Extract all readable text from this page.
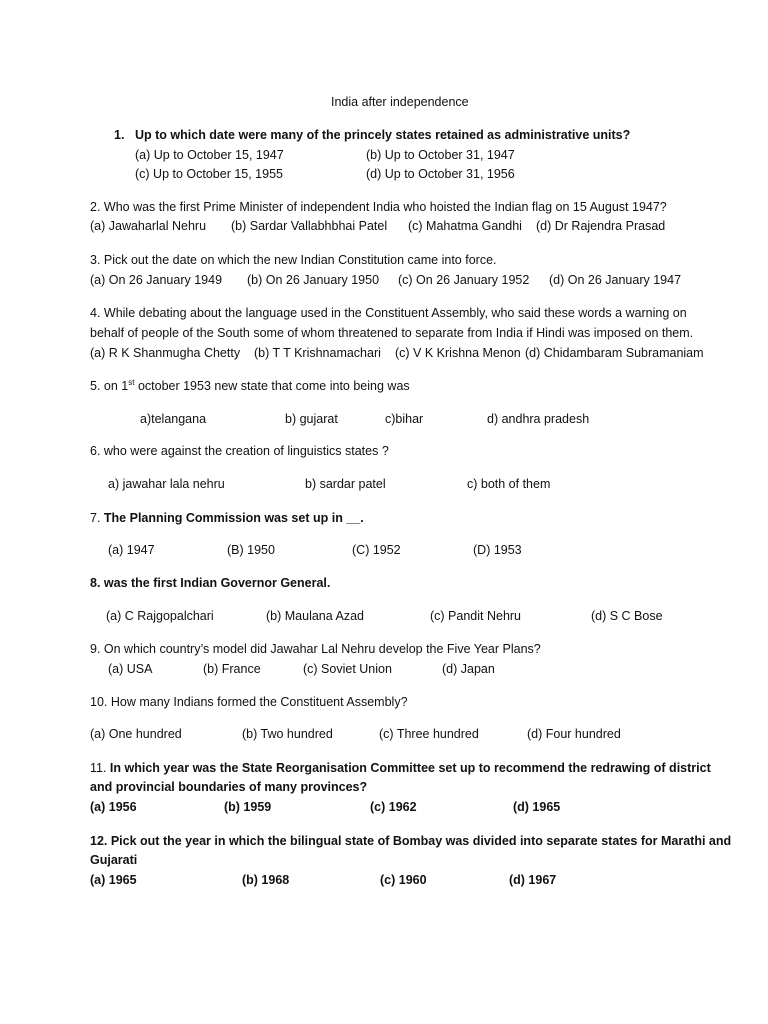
India after independence
1. Up to which date were many of the princely states retained as administrative units?
(a) Up to October 15, 1947	(b) Up to October 31, 1947
(c) Up to October 15, 1955	(d) Up to October 31, 1956
2. Who was the first Prime Minister of independent India who hoisted the Indian flag on 15 August 1947?
(a) Jawaharlal Nehru (b) Sardar Vallabhbhai Patel (c) Mahatma Gandhi (d) Dr Rajendra Prasad
3. Pick out the date on which the new Indian Constitution came into force.
(a) On 26 January 1949 (b) On 26 January 1950 (c) On 26 January 1952 (d) On 26 January 1947
4. While debating about the language used in the Constituent Assembly, who said these words a warning on
behalf of people of the South some of whom threatened to separate from India if Hindi was imposed on them.
(a) R K Shanmugha Chetty (b) T T Krishnamachari (c) V K Krishna Menon (d) Chidambaram Subramaniam
5. on 1st october 1953 new state that come into being was
a)telangana	b) gujarat	c)bihar	d) andhra pradesh
6. who were against the creation of linguistics states ?
a) jawahar lala nehru	b) sardar patel	c) both of them
7. The Planning Commission was set up in __.
(a) 1947	(B) 1950	(C) 1952	(D) 1953
8. was the first Indian Governor General.
(a) C Rajgopalchari	(b) Maulana Azad	(c) Pandit Nehru	(d) S C Bose
9. On which country’s model did Jawahar Lal Nehru develop the Five Year Plans?
(a) USA	(b) France	(c) Soviet Union	(d) Japan
10. How many Indians formed the Constituent Assembly?
(a) One hundred	(b) Two hundred	(c) Three hundred	(d) Four hundred
11. In which year was the State Reorganisation Committee set up to recommend the redrawing of district
and provincial boundaries of many provinces?
(a) 1956	(b) 1959	(c) 1962	(d) 1965
12. Pick out the year in which the bilingual state of Bombay was divided into separate states for Marathi and
Gujarati
(a) 1965	(b) 1968	(c) 1960	(d) 1967
